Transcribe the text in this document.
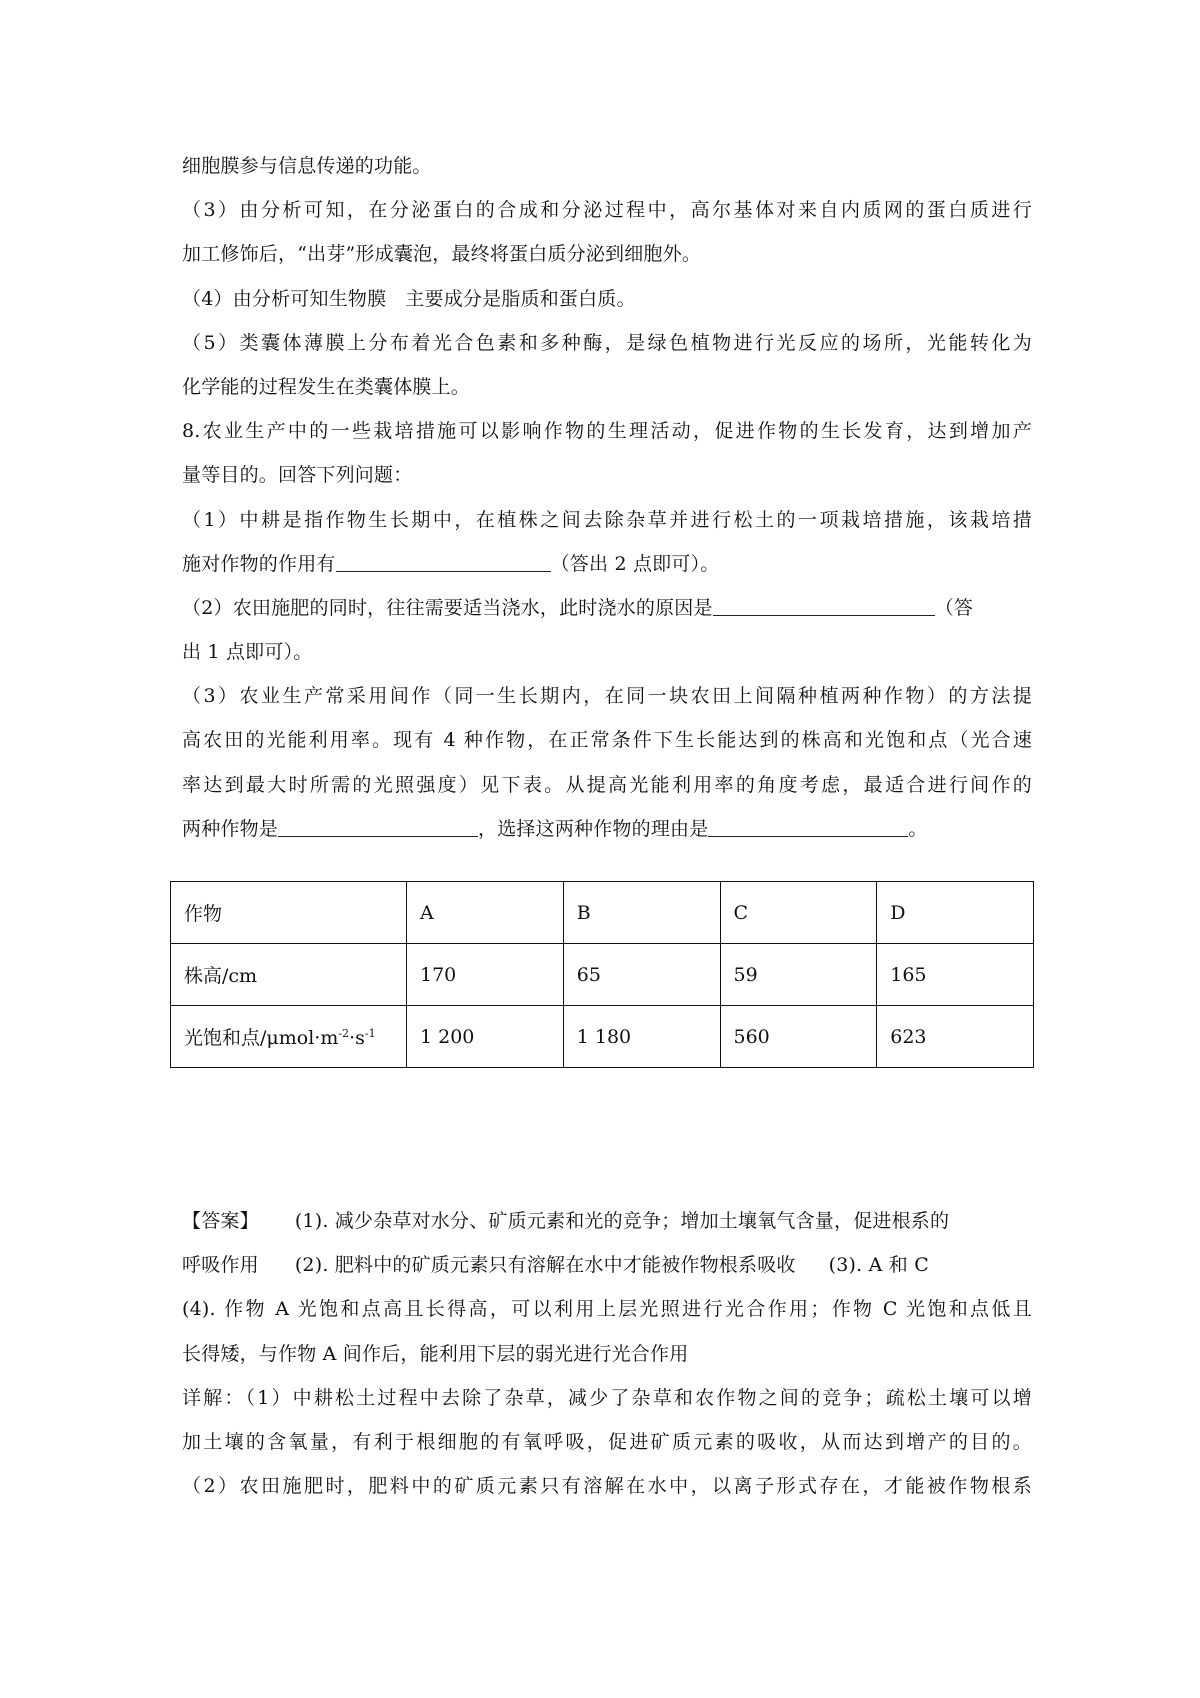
细胞膜参与信息传递的功能。
（3）由分析可知，在分泌蛋白的合成和分泌过程中，高尔基体对来自内质网的蛋白质进行
加工修饰后，“出芽”形成囊泡，最终将蛋白质分泌到细胞外。
（4）由分析可知生物膜 主要成分是脂质和蛋白质。
（5）类囊体薄膜上分布着光合色素和多种酶，是绿色植物进行光反应的场所，光能转化为
化学能的过程发生在类囊体膜上。
8.农业生产中的一些栽培措施可以影响作物的生理活动，促进作物的生长发育，达到增加产
量等目的。回答下列问题：
（1）中耕是指作物生长期中，在植株之间去除杂草并进行松土的一项栽培措施，该栽培措
施对作物的作用有	（答出 2 点即可）。
（2）农田施肥的同时，往往需要适当浇水，此时浇水的原因是	（答
出 1 点即可）。
（3）农业生产常采用间作（同一生长期内，在同一块农田上间隔种植两种作物）的方法提
高农田的光能利用率。现有 4 种作物，在正常条件下生长能达到的株高和光饱和点（光合速
率达到最大时所需的光照强度）见下表。从提高光能利用率的角度考虑，最适合进行间作的
两种作物是	，选择这两种作物的理由是	。
作物	A	B	C	D
株高/cm	170	65	59	165
光饱和点$/\mu mol\cdot m^{-2}\cdot s^{-1}$	1 200	1 180	560	623
【答案】 (1). 减少杂草对水分、矿质元素和光的竞争；增加土壤氧气含量，促进根系的
呼吸作用 (2). 肥料中的矿质元素只有溶解在水中才能被作物根系吸收 (3). A 和 C
(4). 作物 A 光饱和点高且长得高，可以利用上层光照进行光合作用；作物 C 光饱和点低且
长得矮，与作物 A 间作后，能利用下层的弱光进行光合作用
详解：（1）中耕松土过程中去除了杂草，减少了杂草和农作物之间的竞争；疏松土壤可以增
加土壤的含氧量，有利于根细胞的有氧呼吸，促进矿质元素的吸收，从而达到增产的目的。
（2）农田施肥时，肥料中的矿质元素只有溶解在水中，以离子形式存在，才能被作物根系
